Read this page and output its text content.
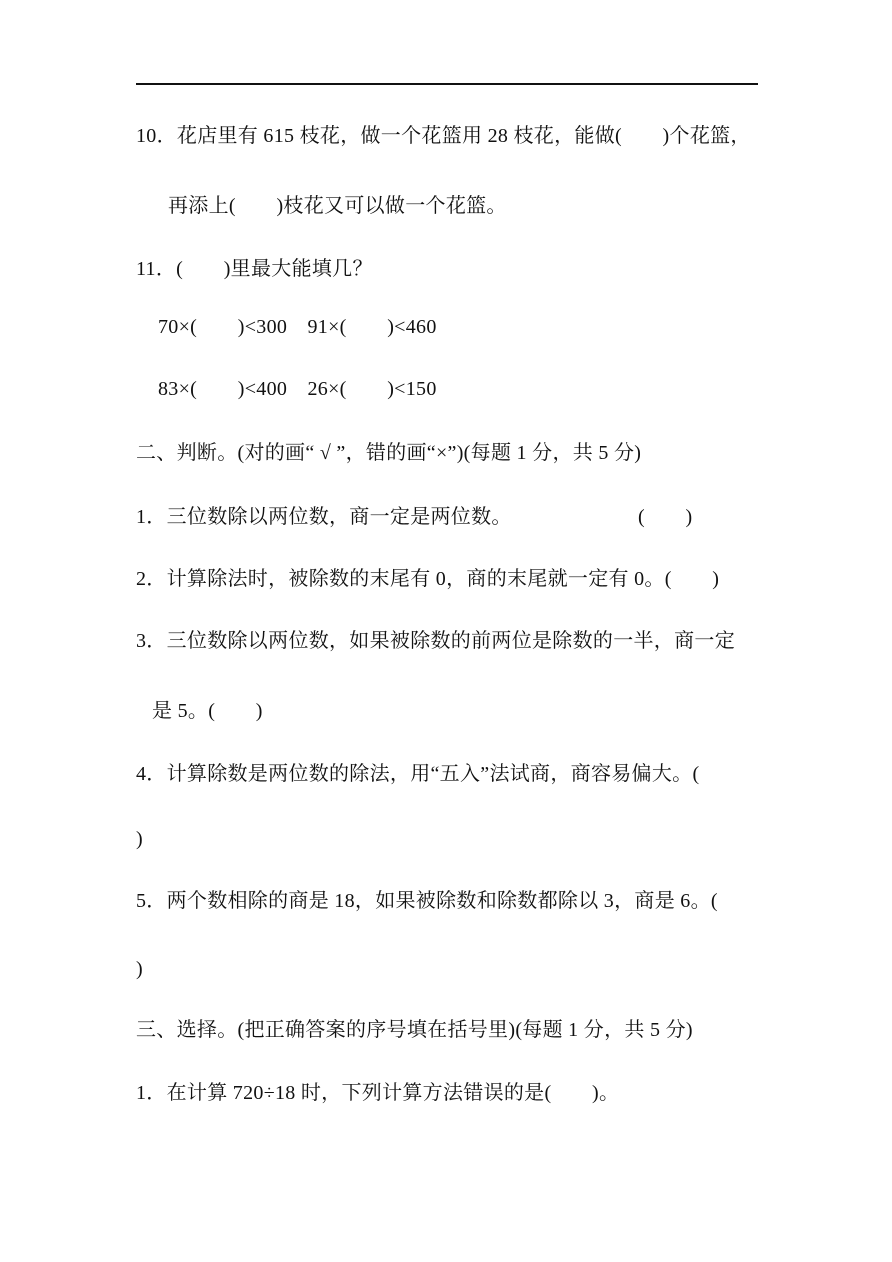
10．花店里有 615 枝花，做一个花篮用 28 枝花，能做(　　)个花篮，
再添上(　　)枝花又可以做一个花篮。
11．(　　)里最大能填几？
70×(　　)<300　91×(　　)<460
83×(　　)<400　26×(　　)<150
二、判断。(对的画“ √ ”，错的画“×”)(每题 1 分，共 5 分)
1．三位数除以两位数，商一定是两位数。	(　　)
2．计算除法时，被除数的末尾有 0，商的末尾就一定有 0。(　　)
3．三位数除以两位数，如果被除数的前两位是除数的一半，商一定
是 5。(　　)
4．计算除数是两位数的除法，用“五入”法试商，商容易偏大。(
)
5．两个数相除的商是 18，如果被除数和除数都除以 3，商是 6。(
)
三、选择。(把正确答案的序号填在括号里)(每题 1 分，共 5 分)
1．在计算 720÷18 时，下列计算方法错误的是(　　)。
